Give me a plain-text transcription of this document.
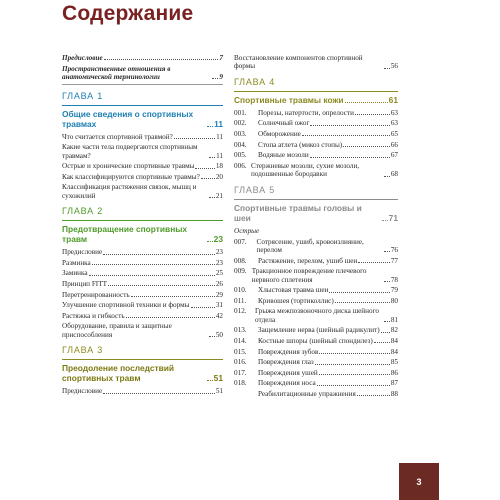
Содержание
Предисловие	7
Пространственные отношения в анатомической терминологии	9
ГЛАВА 1
Общие сведения о спортивных травмах	11
Что считается спортивной травмой?	11
Какие части тела подвергаются спортивным травмам?	11
Острые и хронические спортивные травмы	18
Как классифицируются спортивные травмы? 20
Классификация растяжения связок, мышц и сухожилий	21
ГЛАВА 2
Предотвращение спортивных травм	23
Предисловие	23
Разминка	23
Заминка	25
Принцип FITT	26
Перетренированность	29
Улучшение спортивной техники и формы	31
Растяжка и гибкость	42
Оборудование, правила и защитные приспособления	50
ГЛАВА 3
Преодоление последствий спортивных травм	51
Предисловие	51
Восстановление компонентов спортивной формы	56
ГЛАВА 4
Спортивные травмы кожи	61
001. Порезы, натертости, опрелости	63
002. Солнечный ожог	63
003. Обморожение	65
004. Стопа атлета (микоз стопы)	66
005. Водяные мозоли	67
006. Стержневые мозоли, сухие мозоли, подошвенные бородавки	68
ГЛАВА 5
Спортивные травмы головы и шеи	71
Острые
007.	Сотрясение, ушиб, кровоизлияние, перелом	76
008. Растяжение, перелом, ушиб шеи	77
009. Тракционное повреждение плечевого нервного сплетения	78
010. Хлыстовая травма шеи	79
011. Кривошея (тортиколлис)	80
012.	Грыжа межпозвоночного диска шейного отдела	81
013.	Защемление нерва (шейный радикулит) 82
014.	Костные шпоры (шейный спондилез)	84
015. Повреждения зубов	84
016. Повреждения глаз	85
017. Повреждения ушей	86
018. Повреждения носа	87
Реабилитационные упражнения	88
3
